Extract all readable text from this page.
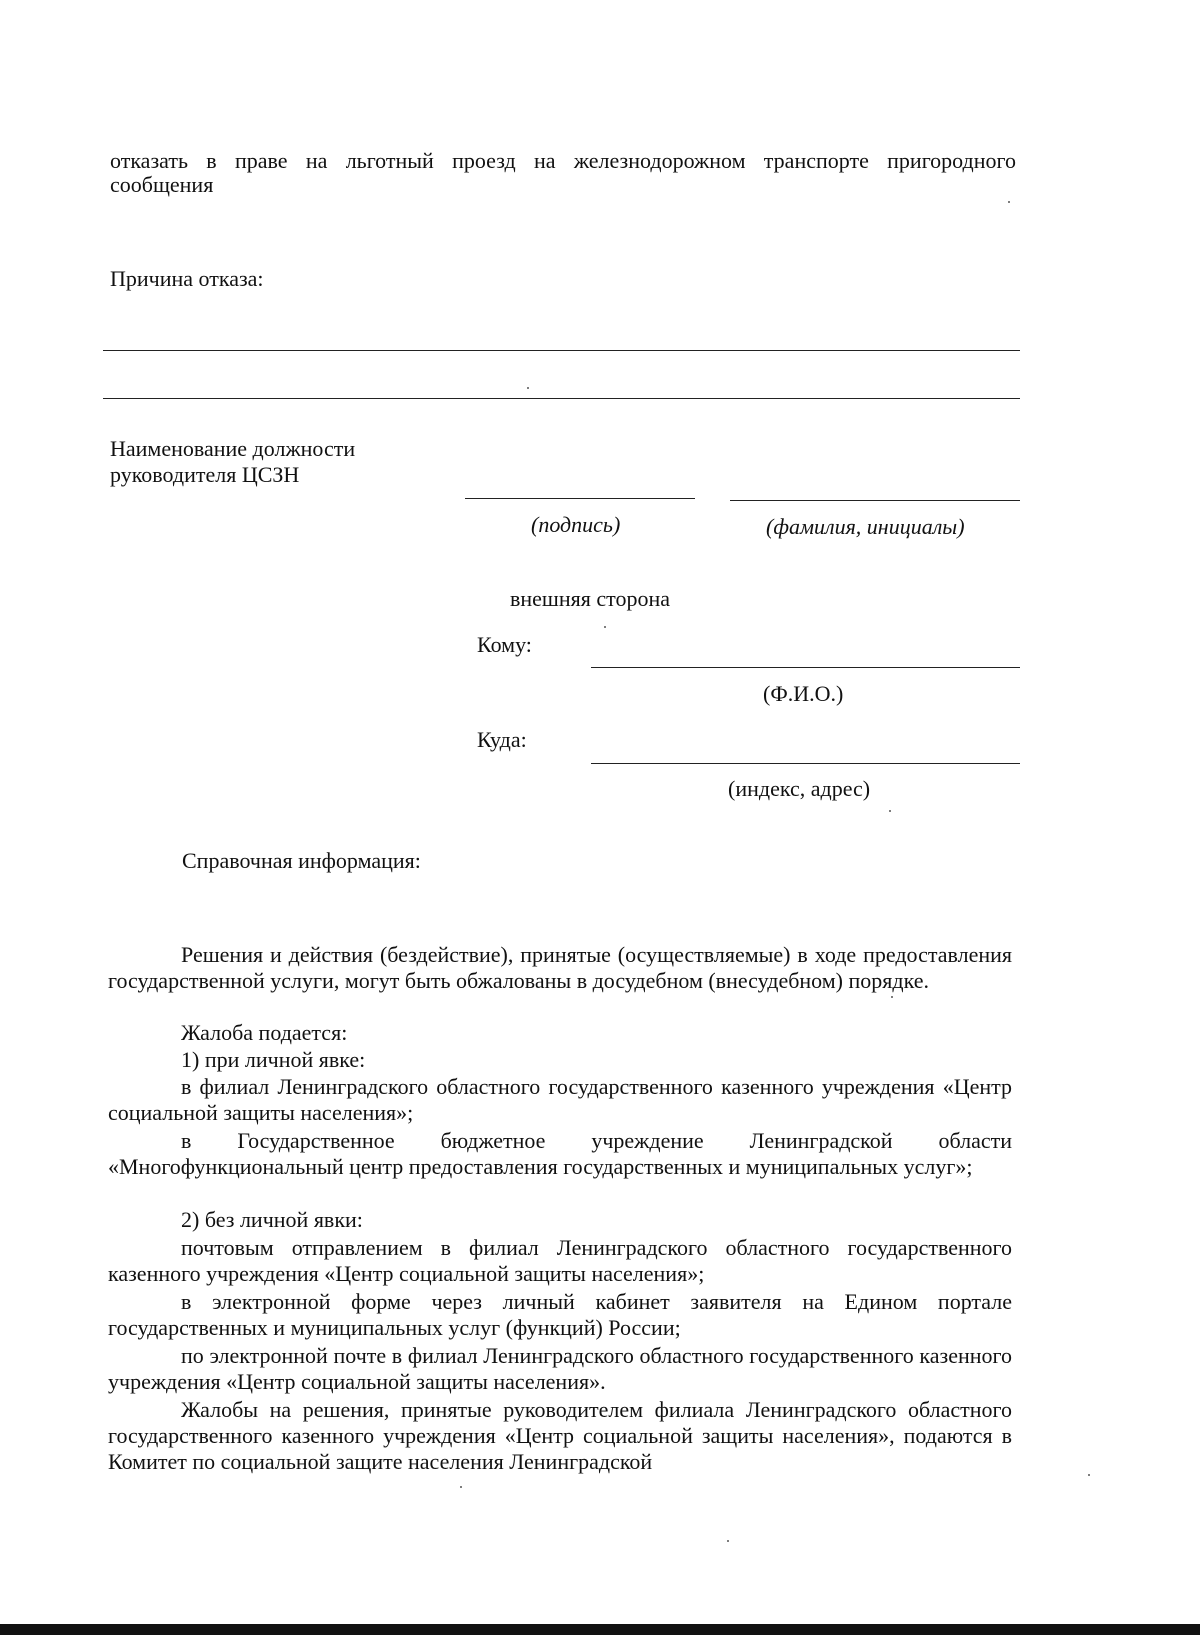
отказать в праве на льготный проезд на железнодорожном транспорте пригородного
сообщения
Причина отказа:
Наименование должности
руководителя ЦСЗН
(подпись)	(фамилия, инициалы)
внешняя сторона
Кому:
(Ф.И.О.)
Куда:
(индекс, адрес)
Справочная информация:
Решения и действия (бездействие), принятые (осуществляемые) в ходе предоставления государственной услуги, могут быть обжалованы в досудебном (внесудебном) порядке.
Жалоба подается:
1) при личной явке:
в филиал Ленинградского областного государственного казенного учреждения «Центр социальной защиты населения»;
в Государственное бюджетное учреждение Ленинградской области «Многофункциональный центр предоставления государственных и муниципальных услуг»;
2) без личной явки:
почтовым отправлением в филиал Ленинградского областного государственного казенного учреждения «Центр социальной защиты населения»;
в электронной форме через личный кабинет заявителя на Едином портале государственных и муниципальных услуг (функций) России;
по электронной почте в филиал Ленинградского областного государственного казенного учреждения «Центр социальной защиты населения».
Жалобы на решения, принятые руководителем филиала Ленинградского областного государственного казенного учреждения «Центр социальной защиты населения», подаются в Комитет по социальной защите населения Ленинградской
